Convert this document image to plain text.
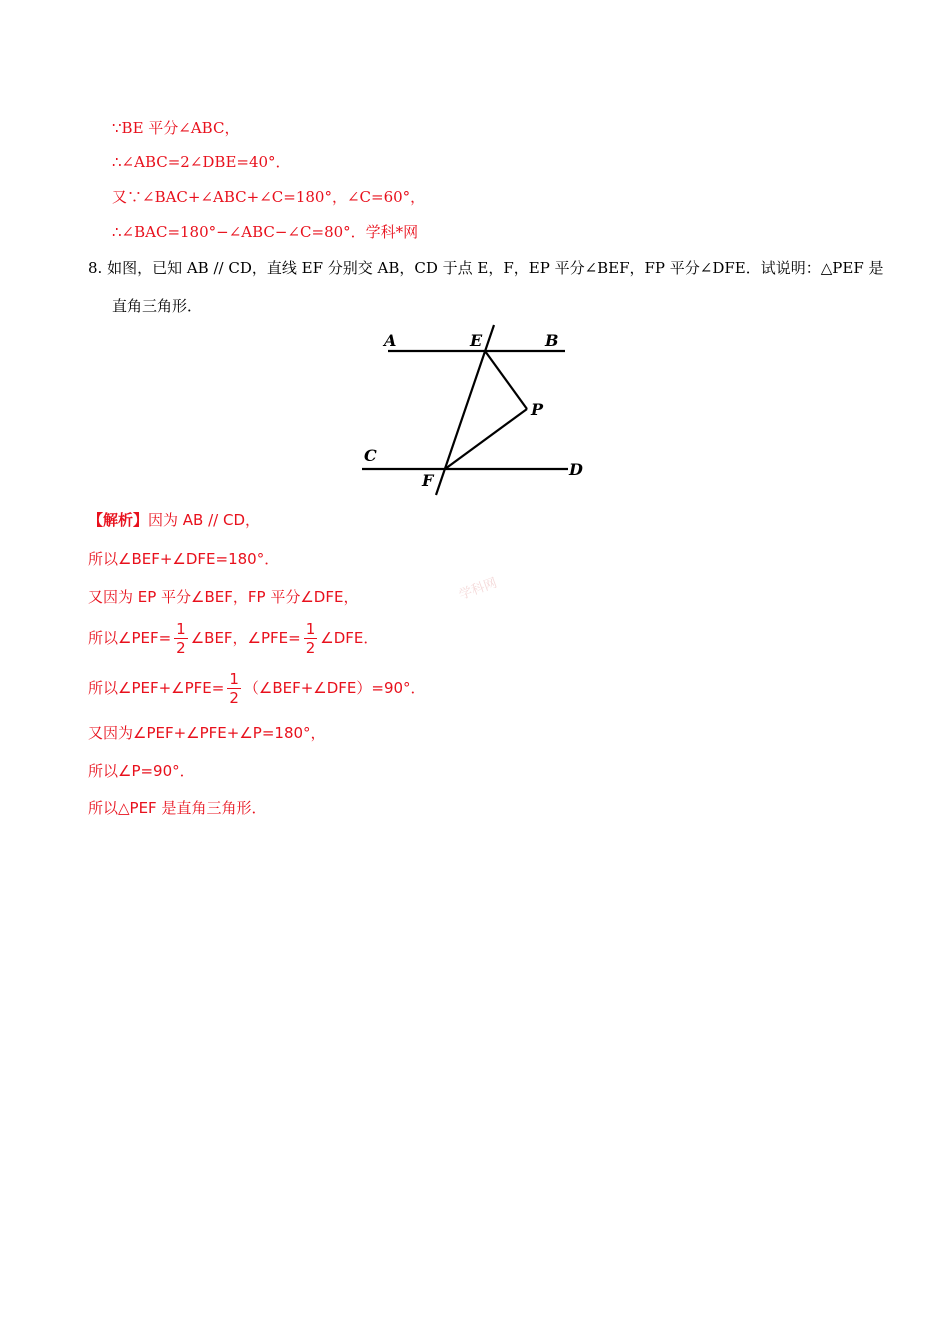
∵BE 平分∠ABC，
∴∠ABC=2∠DBE=40°．
又∵∠BAC+∠ABC+∠C=180°，∠C=60°，
∴∠BAC=180°−∠ABC−∠C=80°．学科*网
8. 如图，已知 AB // CD，直线 EF 分别交 AB，CD 于点 E，F，EP 平分∠BEF，FP 平分∠DFE．试说明：△PEF 是
直角三角形．
A	E	B
P
C
F
D
【解析】因为 AB // CD，
所以∠BEF+∠DFE=180°．
又因为 EP 平分∠BEF，FP 平分∠DFE，
所以∠PEF= $\frac{1}{2}$ ∠BEF，∠PFE= $\frac{1}{2}$ ∠DFE．
所以∠PEF+∠PFE= $\frac{1}{2}$ （∠BEF+∠DFE）=90°．
又因为∠PEF+∠PFE+∠P=180°，
所以∠P=90°．
所以△PEF 是直角三角形．
学科网
